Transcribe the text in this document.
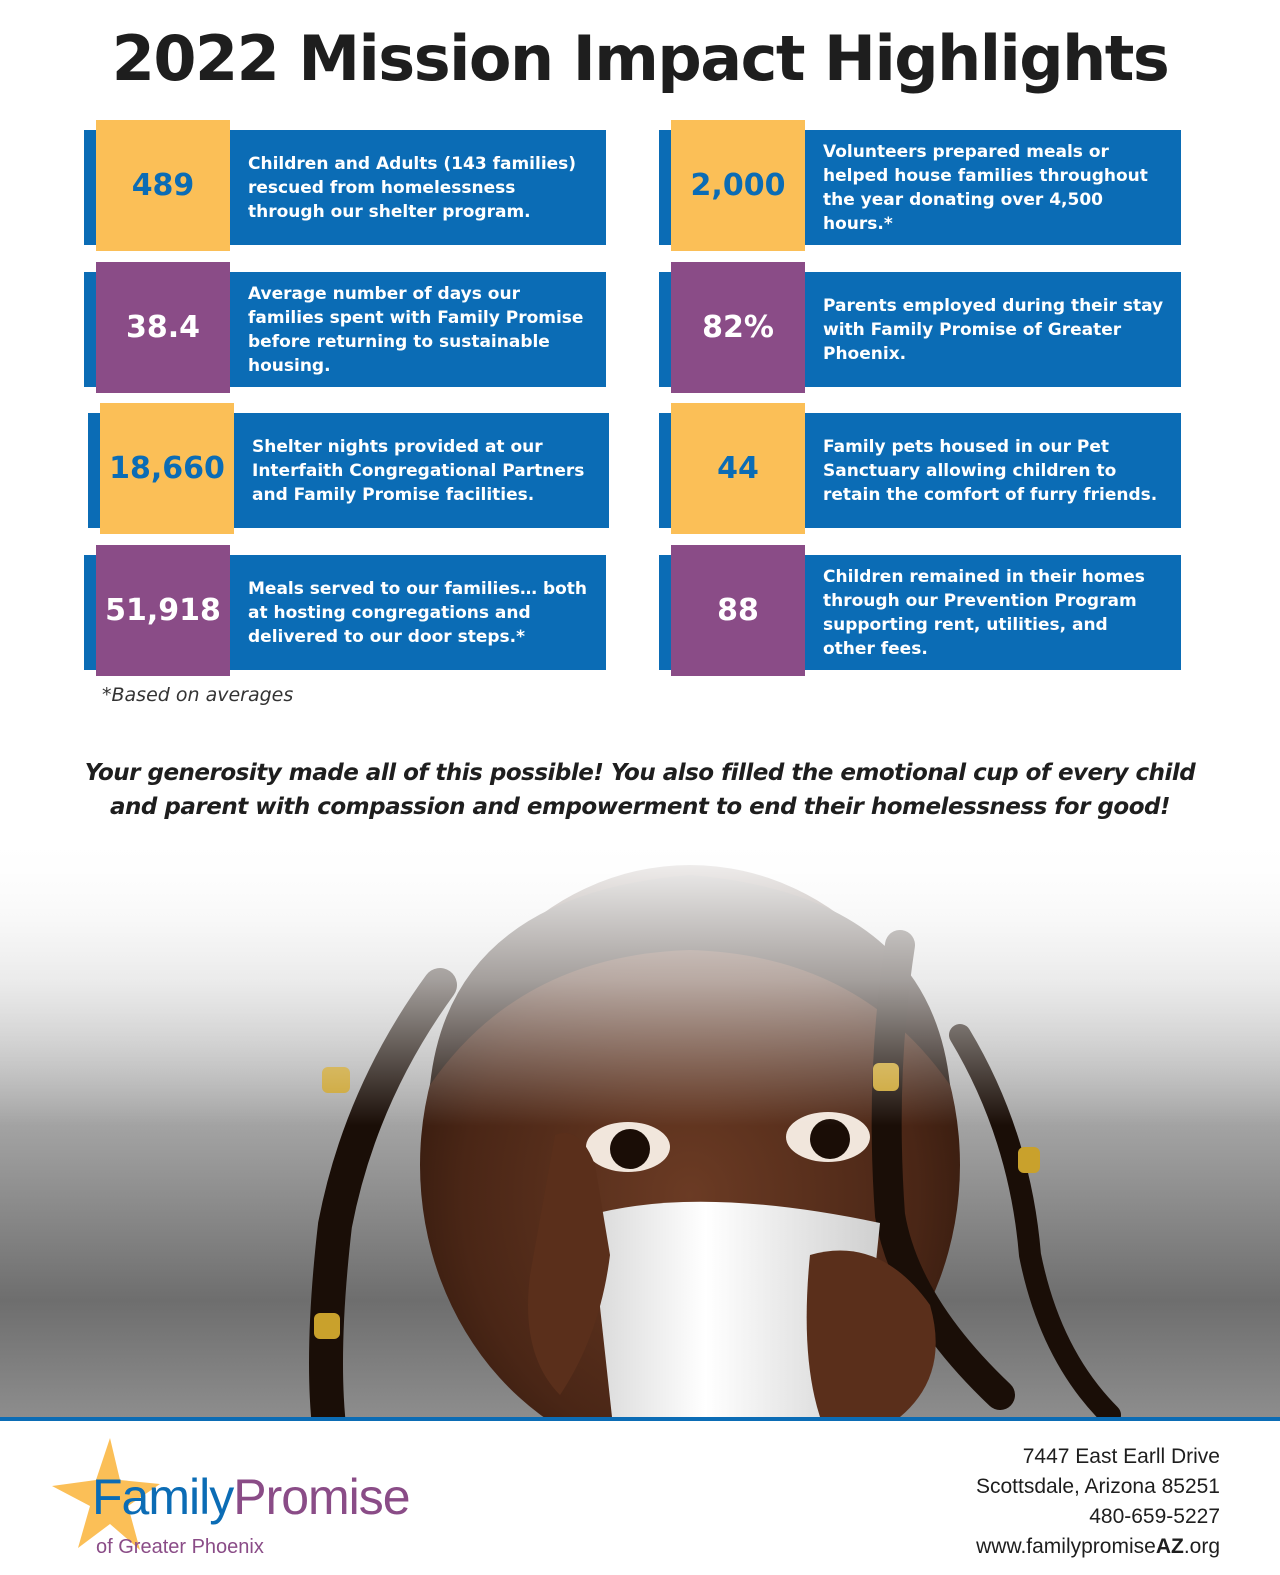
2022 Mission Impact Highlights
489
Children and Adults (143 families) rescued from homelessness through our shelter program.
38.4
Average number of days our families spent with Family Promise before returning to sustainable housing.
18,660
Shelter nights provided at our Interfaith Congregational Partners and Family Promise facilities.
51,918
Meals served to our families… both at hosting congregations and delivered to our door steps.*
2,000
Volunteers prepared meals or helped house families throughout the year donating over 4,500 hours.*
82%
Parents employed during their stay with Family Promise of Greater Phoenix.
44
Family pets housed in our Pet Sanctuary allowing children to retain the comfort of furry friends.
88
Children remained in their homes through our Prevention Program supporting rent, utilities, and other fees.
*Based on averages
Your generosity made all of this possible! You also filled the emotional cup of every child and parent with compassion and empowerment to end their homelessness for good!
FamilyPromise
of Greater Phoenix
7447 East Earll Drive
Scottsdale, Arizona 85251
480-659-5227
www.familypromiseAZ.org
